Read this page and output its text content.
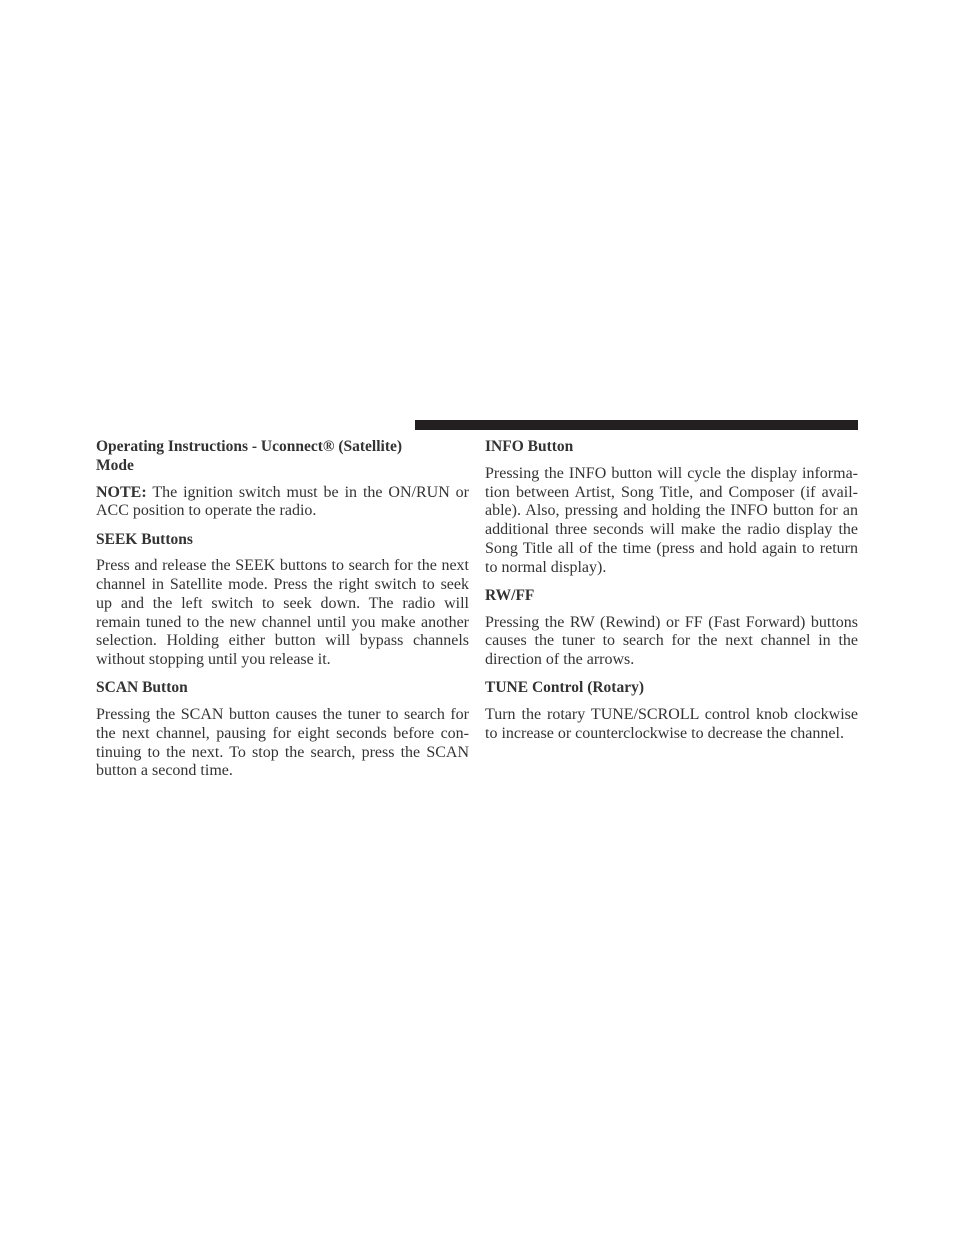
Operating Instructions - Uconnect® (Satellite)
Mode
NOTE: The ignition switch must be in the ON/RUN or
ACC position to operate the radio.
SEEK Buttons
Press and release the SEEK buttons to search for the next
channel in Satellite mode. Press the right switch to seek
up and the left switch to seek down. The radio will
remain tuned to the new channel until you make another
selection. Holding either button will bypass channels
without stopping until you release it.
SCAN Button
Pressing the SCAN button causes the tuner to search for
the next channel, pausing for eight seconds before con-
tinuing to the next. To stop the search, press the SCAN
button a second time.
INFO Button
Pressing the INFO button will cycle the display informa-
tion between Artist, Song Title, and Composer (if avail-
able). Also, pressing and holding the INFO button for an
additional three seconds will make the radio display the
Song Title all of the time (press and hold again to return
to normal display).
RW/FF
Pressing the RW (Rewind) or FF (Fast Forward) buttons
causes the tuner to search for the next channel in the
direction of the arrows.
TUNE Control (Rotary)
Turn the rotary TUNE/SCROLL control knob clockwise
to increase or counterclockwise to decrease the channel.
